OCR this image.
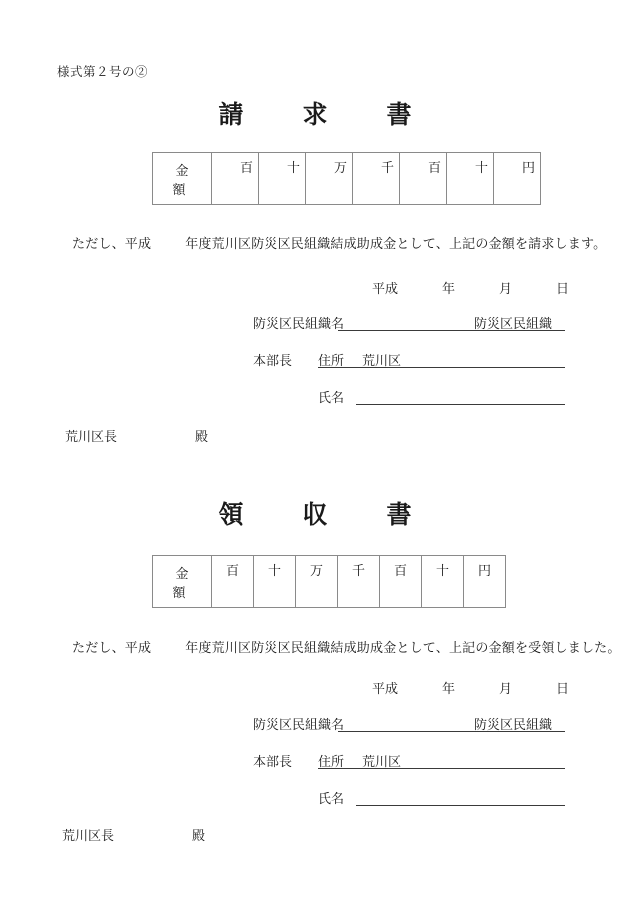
様式第２号の②
請　求　書
金　額	百	十	万	千	百	十	円
ただし、平成	年度荒川区防災区民組織結成助成金として、上記の金額を請求します。
平成	年	月	日
防災区民組織名	防災区民組織
本部長 住所 荒川区
氏名
荒川区長	殿
領　収　書
金　額	百	十	万	千	百	十	円
ただし、平成	年度荒川区防災区民組織結成助成金として、上記の金額を受領しました。
平成	年	月	日
防災区民組織名	防災区民組織
本部長 住所 荒川区
氏名
荒川区長	殿
